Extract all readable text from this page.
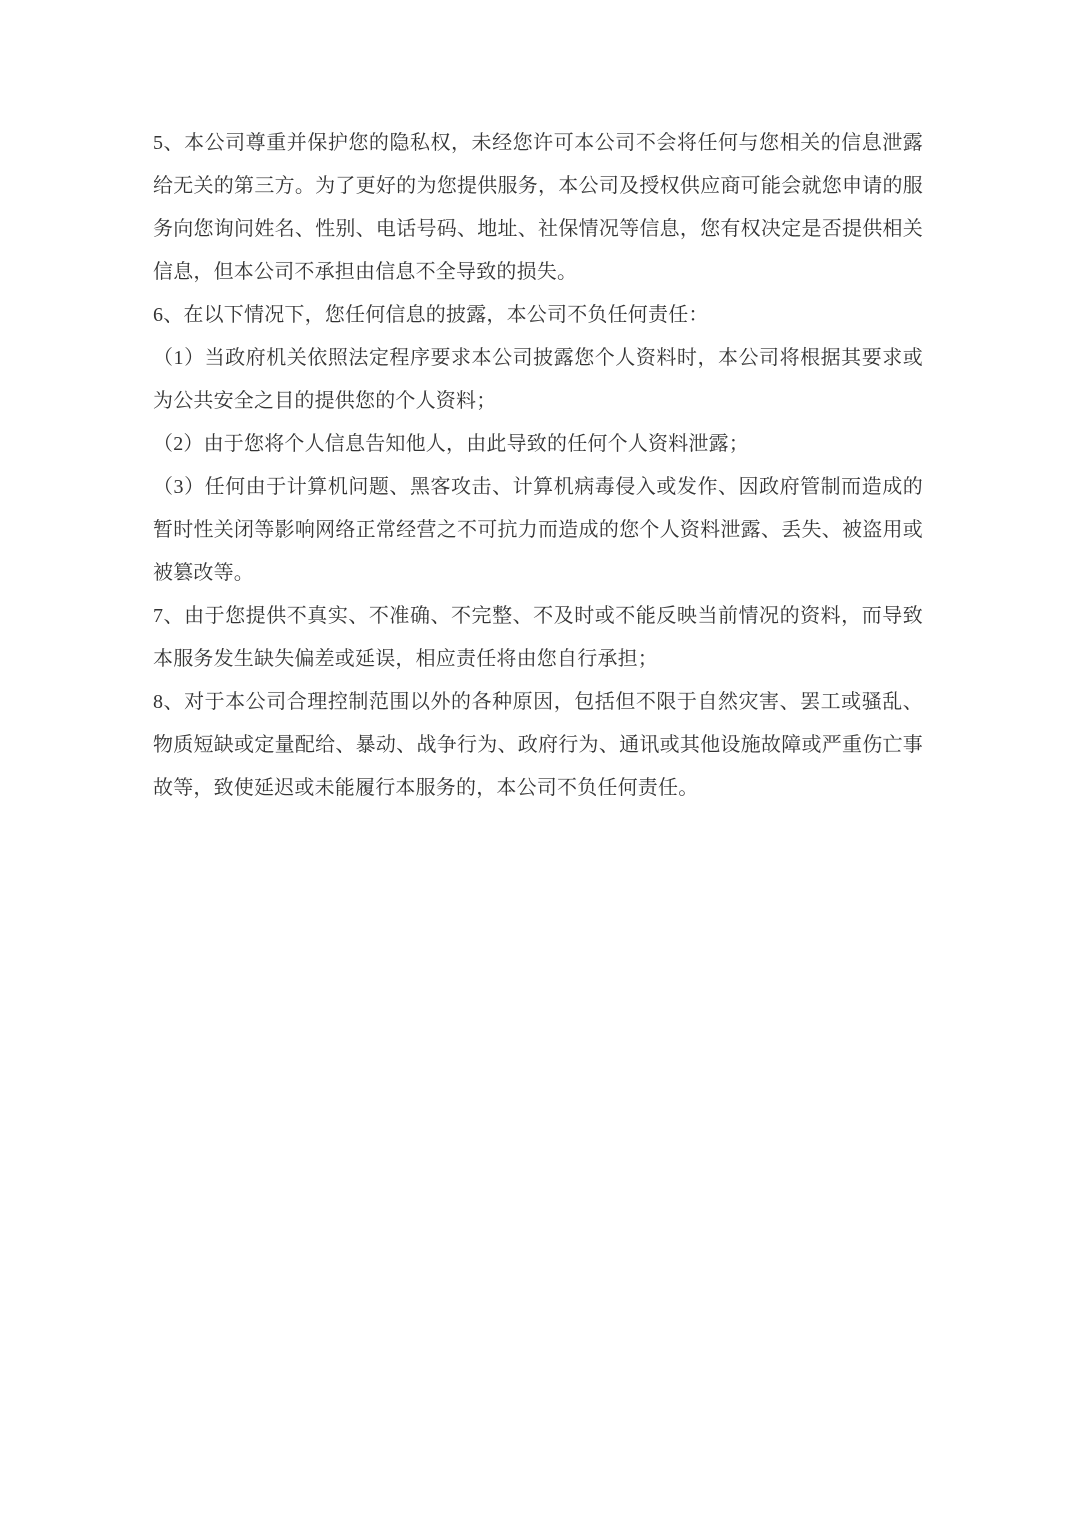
5、本公司尊重并保护您的隐私权，未经您许可本公司不会将任何与您相关的信息泄露给无关的第三方。为了更好的为您提供服务，本公司及授权供应商可能会就您申请的服务向您询问姓名、性别、电话号码、地址、社保情况等信息，您有权决定是否提供相关信息，但本公司不承担由信息不全导致的损失。

6、在以下情况下，您任何信息的披露，本公司不负任何责任：

（1）当政府机关依照法定程序要求本公司披露您个人资料时，本公司将根据其要求或为公共安全之目的提供您的个人资料；

（2）由于您将个人信息告知他人，由此导致的任何个人资料泄露；

（3）任何由于计算机问题、黑客攻击、计算机病毒侵入或发作、因政府管制而造成的暂时性关闭等影响网络正常经营之不可抗力而造成的您个人资料泄露、丢失、被盗用或被篡改等。

7、由于您提供不真实、不准确、不完整、不及时或不能反映当前情况的资料，而导致本服务发生缺失偏差或延误，相应责任将由您自行承担；

8、对于本公司合理控制范围以外的各种原因，包括但不限于自然灾害、罢工或骚乱、物质短缺或定量配给、暴动、战争行为、政府行为、通讯或其他设施故障或严重伤亡事故等，致使延迟或未能履行本服务的，本公司不负任何责任。
